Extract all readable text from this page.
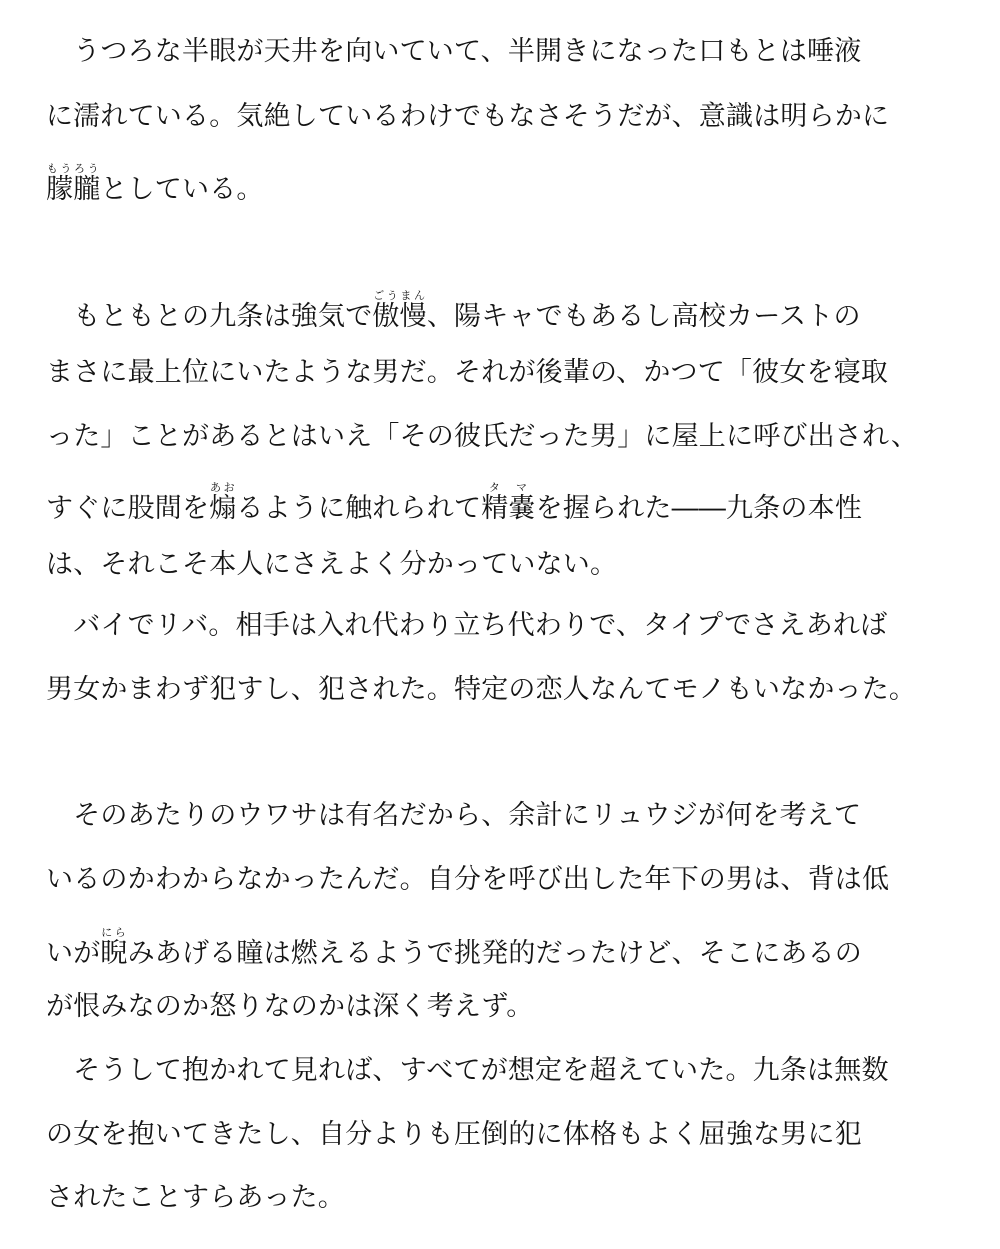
　うつろな半眼が天井を向いていて、半開きになった口もとは唾液
に濡れている。気絶しているわけでもなさそうだが、意識は明らかに
朦朧もうろうとしている。
　もともとの九条は強気で傲慢ごうまん、陽キャでもあるし高校カーストの
まさに最上位にいたような男だ。それが後輩の、かつて「彼女を寝取
った」ことがあるとはいえ「その彼氏だった男」に屋上に呼び出され、
すぐに股間を煽あおるように触れられて精嚢タマを握られた――九条の本性
は、それこそ本人にさえよく分かっていない。
　バイでリバ。相手は入れ代わり立ち代わりで、タイプでさえあれば
男女かまわず犯すし、犯された。特定の恋人なんてモノもいなかった。
　そのあたりのウワサは有名だから、余計にリュウジが何を考えて
いるのかわからなかったんだ。自分を呼び出した年下の男は、背は低
いが睨にらみあげる瞳は燃えるようで挑発的だったけど、そこにあるの
が恨みなのか怒りなのかは深く考えず。
　そうして抱かれて見れば、すべてが想定を超えていた。九条は無数
の女を抱いてきたし、自分よりも圧倒的に体格もよく屈強な男に犯
されたことすらあった。
